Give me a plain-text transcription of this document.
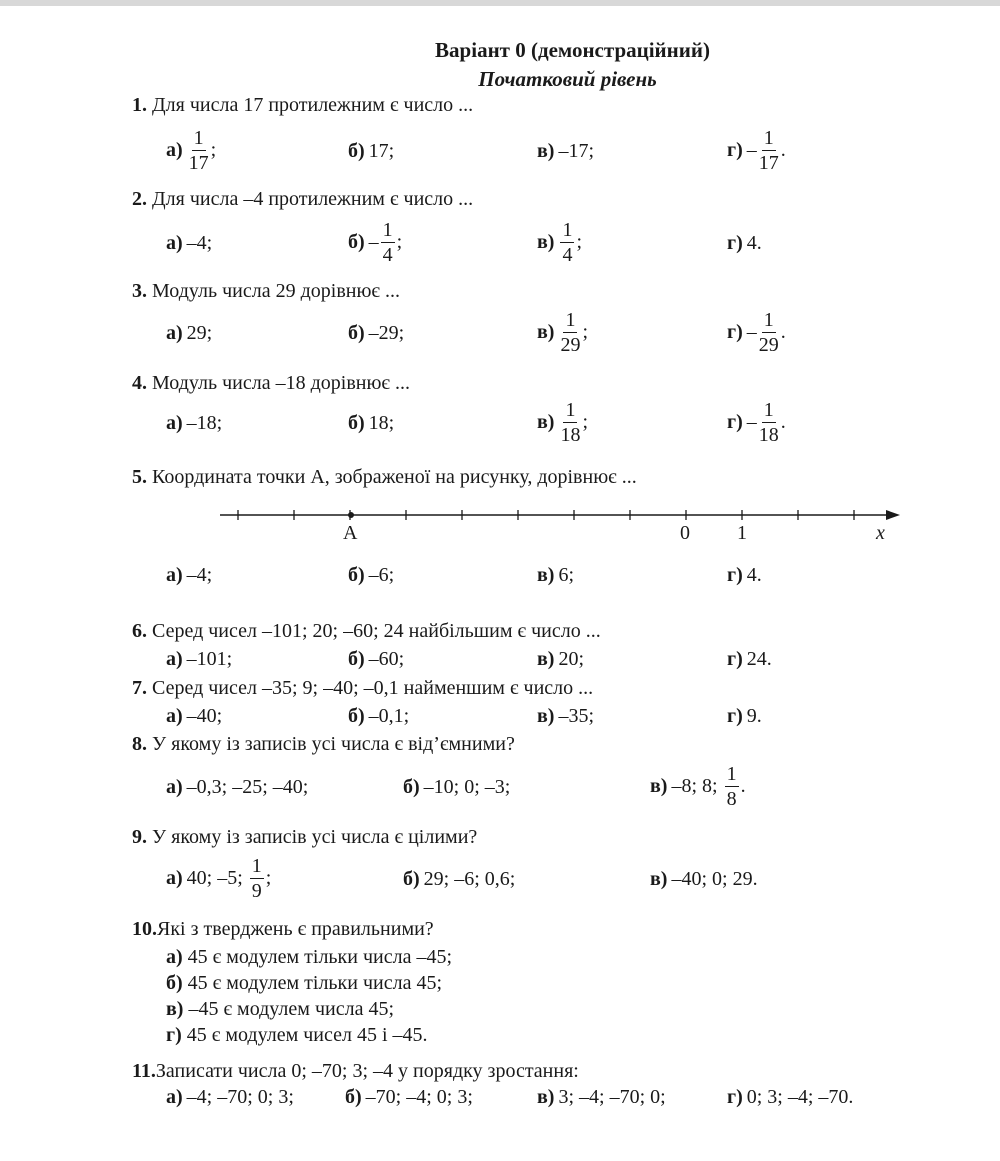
Варіант 0 (демонстраційний)
Початковий рівень
1. Для числа 17 протилежним є число ...
$а) \frac{1}{17}$ ;	б) 17;	в) –17;	$г) - \frac{1}{17}$ .
2. Для числа –4 протилежним є число ...
а) –4;	$б) - \frac{1}{4}$ ;	$в) \frac{1}{4}$ ;	г) 4.
3. Модуль числа 29 дорівнює ...
а) 29;	б) –29;	$в) \frac{1}{29}$ ;	$г) - \frac{1}{29}$ .
4. Модуль числа –18 дорівнює ...
а) –18;	б) 18;	$в) \frac{1}{18}$ ;	$г) - \frac{1}{18}$ .
5. Координата точки А, зображеної на рисунку, дорівнює ...
A	0 1	x
а) –4;	б) –6;	в) 6;	г) 4.
6. Серед чисел –101; 20; –60; 24 найбільшим є число ...
а) –101;	б) –60;	в) 20;	г) 24.
7. Серед чисел –35; 9; –40; –0,1 найменшим є число ...
а) –40;	б) –0,1;	в) –35;	г) 9.
8. У якому із записів усі числа є від’ємними?
а) –0,3; –25; –40;	б) –10; 0; –3;	в) –8; 8;
$\frac{1}{8}$ .
9. У якому із записів усі числа є цілими?
а) 40; –5;
$\frac{1}{9}$ ;	б) 29; –6; 0,6;	в) –40; 0; 29.
10.Які з тверджень є правильними?
а) 45 є модулем тільки числа –45;
б) 45 є модулем тільки числа 45;
в) –45 є модулем числа 45;
г) 45 є модулем чисел 45 і –45.
11.Записати числа 0; –70; 3; –4 у порядку зростання:
а) –4; –70; 0; 3;	б) –70; –4; 0; 3;	в) 3; –4; –70; 0;	г) 0; 3; –4; –70.
